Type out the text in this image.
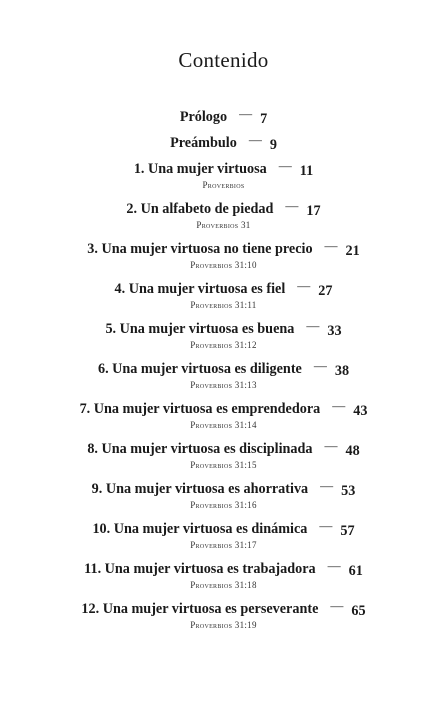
Contenido
Prólogo — 7
Preámbulo — 9
1. Una mujer virtuosa — 11
Proverbios
2. Un alfabeto de piedad — 17
Proverbios 31
3. Una mujer virtuosa no tiene precio — 21
Proverbios 31:10
4. Una mujer virtuosa es fiel — 27
Proverbios 31:11
5. Una mujer virtuosa es buena — 33
Proverbios 31:12
6. Una mujer virtuosa es diligente — 38
Proverbios 31:13
7. Una mujer virtuosa es emprendedora — 43
Proverbios 31:14
8. Una mujer virtuosa es disciplinada — 48
Proverbios 31:15
9. Una mujer virtuosa es ahorrativa — 53
Proverbios 31:16
10. Una mujer virtuosa es dinámica — 57
Proverbios 31:17
11. Una mujer virtuosa es trabajadora — 61
Proverbios 31:18
12. Una mujer virtuosa es perseverante — 65
Proverbios 31:19
